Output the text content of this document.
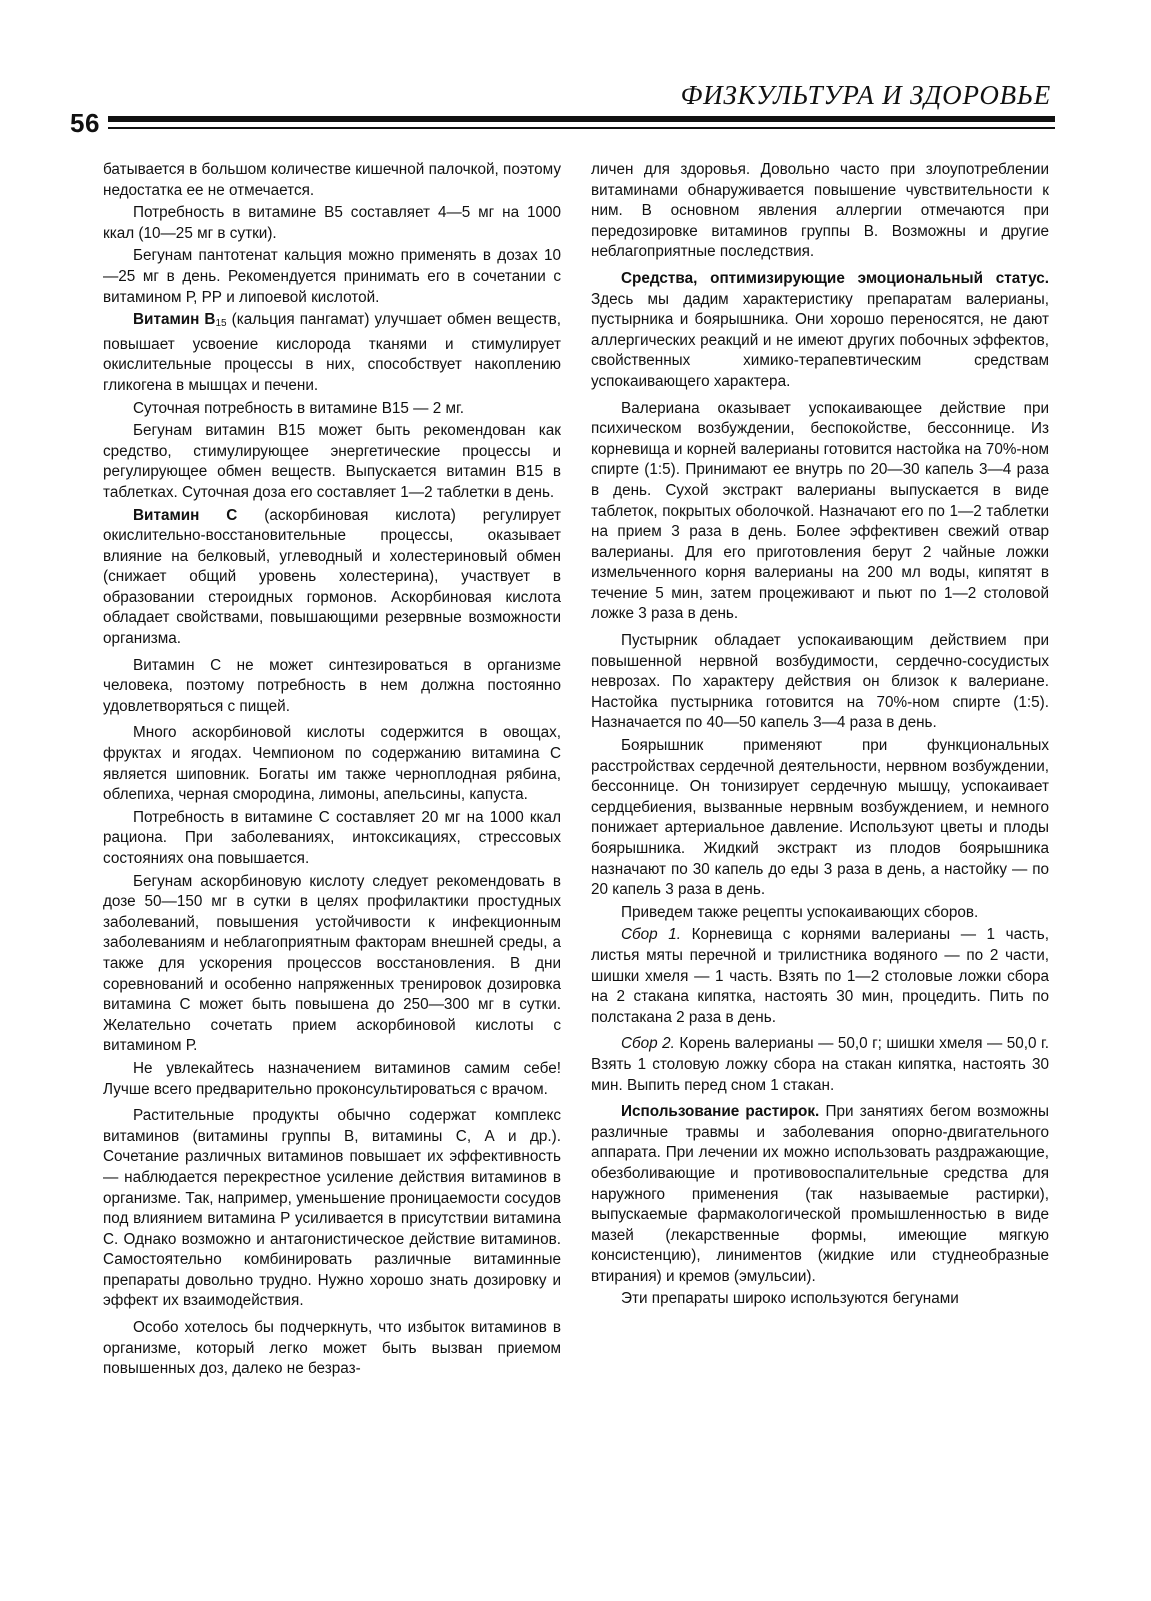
56
ФИЗКУЛЬТУРА И ЗДОРОВЬЕ

батывается в большом количестве кишечной палочкой, поэтому недостатка ее не отмечается.

Потребность в витамине B5 составляет 4—5 мг на 1000 ккал (10—25 мг в сутки).

Бегунам пантотенат кальция можно применять в дозах 10—25 мг в день. Рекомендуется принимать его в сочетании с витамином Р, РР и липоевой кислотой.

Витамин $B_{15}$ (кальция пангамат) улучшает обмен веществ, повышает усвоение кислорода тканями и стимулирует окислительные процессы в них, способствует накоплению гликогена в мышцах и печени.

Суточная потребность в витамине B15 — 2 мг.

Бегунам витамин B15 может быть рекомендован как средство, стимулирующее энергетические процессы и регулирующее обмен веществ. Выпускается витамин B15 в таблетках. Суточная доза его составляет 1—2 таблетки в день.

Витамин С (аскорбиновая кислота) регулирует окислительно-восстановительные процессы, оказывает влияние на белковый, углеводный и холестериновый обмен (снижает общий уровень холестерина), участвует в образовании стероидных гормонов. Аскорбиновая кислота обладает свойствами, повышающими резервные возможности организма.

Витамин С не может синтезироваться в организме человека, поэтому потребность в нем должна постоянно удовлетворяться с пищей.

Много аскорбиновой кислоты содержится в овощах, фруктах и ягодах. Чемпионом по содержанию витамина С является шиповник. Богаты им также черноплодная рябина, облепиха, черная смородина, лимоны, апельсины, капуста.

Потребность в витамине С составляет 20 мг на 1000 ккал рациона. При заболеваниях, интоксикациях, стрессовых состояниях она повышается.

Бегунам аскорбиновую кислоту следует рекомендовать в дозе 50—150 мг в сутки в целях профилактики простудных заболеваний, повышения устойчивости к инфекционным заболеваниям и неблагоприятным факторам внешней среды, а также для ускорения процессов восстановления. В дни соревнований и особенно напряженных тренировок дозировка витамина С может быть повышена до 250—300 мг в сутки. Желательно сочетать прием аскорбиновой кислоты с витамином Р.

Не увлекайтесь назначением витаминов самим себе! Лучше всего предварительно проконсультироваться с врачом.

Растительные продукты обычно содержат комплекс витаминов (витамины группы B, витамины С, А и др.). Сочетание различных витаминов повышает их эффективность — наблюдается перекрестное усиление действия витаминов в организме. Так, например, уменьшение проницаемости сосудов под влиянием витамина Р усиливается в присутствии витамина С. Однако возможно и антагонистическое действие витаминов. Самостоятельно комбинировать различные витаминные препараты довольно трудно. Нужно хорошо знать дозировку и эффект их взаимодействия.

Особо хотелось бы подчеркнуть, что избыток витаминов в организме, который легко может быть вызван приемом повышенных доз, далеко не безраз-

личен для здоровья. Довольно часто при злоупотреблении витаминами обнаруживается повышение чувствительности к ним. В основном явления аллергии отмечаются при передозировке витаминов группы B. Возможны и другие неблагоприятные последствия.

Средства, оптимизирующие эмоциональный статус. Здесь мы дадим характеристику препаратам валерианы, пустырника и боярышника. Они хорошо переносятся, не дают аллергических реакций и не имеют других побочных эффектов, свойственных химико-терапевтическим средствам успокаивающего характера.

Валериана оказывает успокаивающее действие при психическом возбуждении, беспокойстве, бессоннице. Из корневища и корней валерианы готовится настойка на 70%-ном спирте (1:5). Принимают ее внутрь по 20—30 капель 3—4 раза в день. Сухой экстракт валерианы выпускается в виде таблеток, покрытых оболочкой. Назначают его по 1—2 таблетки на прием 3 раза в день. Более эффективен свежий отвар валерианы. Для его приготовления берут 2 чайные ложки измельченного корня валерианы на 200 мл воды, кипятят в течение 5 мин, затем процеживают и пьют по 1—2 столовой ложке 3 раза в день.

Пустырник обладает успокаивающим действием при повышенной нервной возбудимости, сердечно-сосудистых неврозах. По характеру действия он близок к валериане. Настойка пустырника готовится на 70%-ном спирте (1:5). Назначается по 40—50 капель 3—4 раза в день.

Боярышник применяют при функциональных расстройствах сердечной деятельности, нервном возбуждении, бессоннице. Он тонизирует сердечную мышцу, успокаивает сердцебиения, вызванные нервным возбуждением, и немного понижает артериальное давление. Используют цветы и плоды боярышника. Жидкий экстракт из плодов боярышника назначают по 30 капель до еды 3 раза в день, а настойку — по 20 капель 3 раза в день.

Приведем также рецепты успокаивающих сборов.

Сбор 1. Корневища с корнями валерианы — 1 часть, листья мяты перечной и трилистника водяного — по 2 части, шишки хмеля — 1 часть. Взять по 1—2 столовые ложки сбора на 2 стакана кипятка, настоять 30 мин, процедить. Пить по полстакана 2 раза в день.

Сбор 2. Корень валерианы — 50,0 г; шишки хмеля — 50,0 г. Взять 1 столовую ложку сбора на стакан кипятка, настоять 30 мин. Выпить перед сном 1 стакан.

Использование растирок. При занятиях бегом возможны различные травмы и заболевания опорно-двигательного аппарата. При лечении их можно использовать раздражающие, обезболивающие и противовоспалительные средства для наружного применения (так называемые растирки), выпускаемые фармакологической промышленностью в виде мазей (лекарственные формы, имеющие мягкую консистенцию), линиментов (жидкие или студнеобразные втирания) и кремов (эмульсии).

Эти препараты широко используются бегунами
